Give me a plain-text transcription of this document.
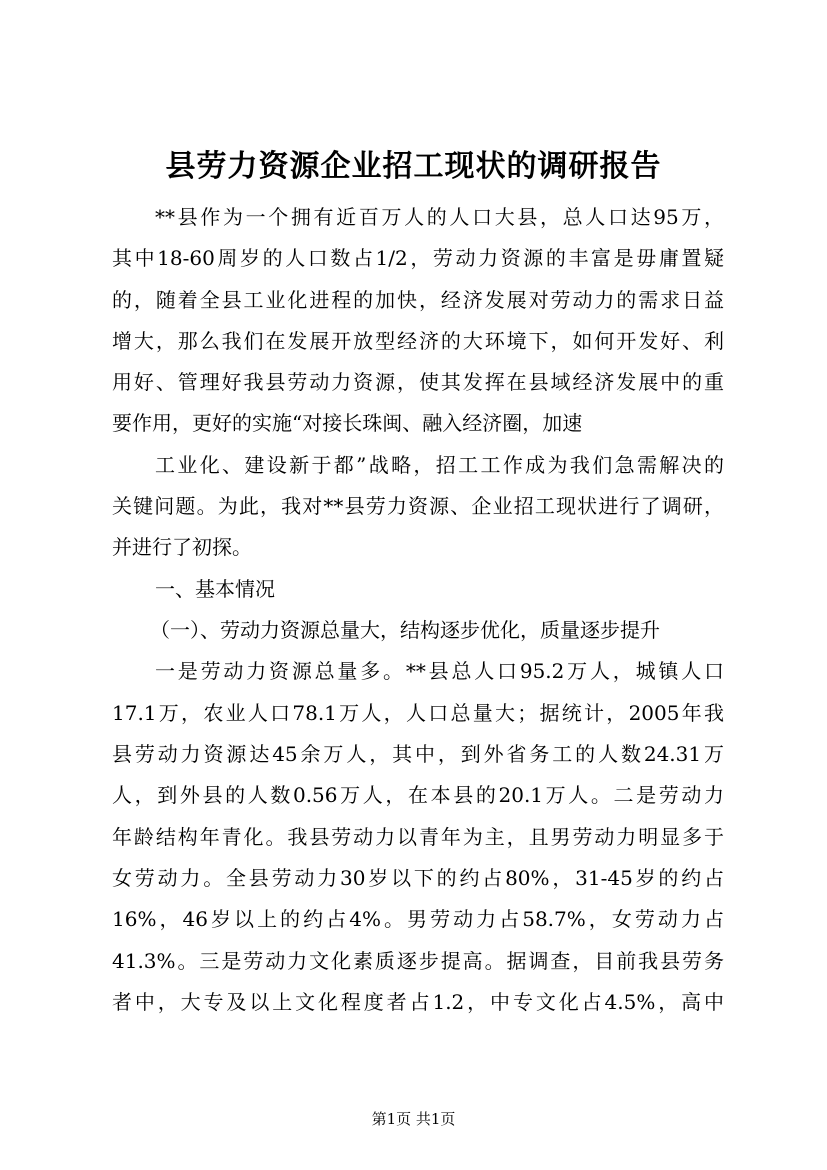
县劳力资源企业招工现状的调研报告
**县作为一个拥有近百万人的人口大县，总人口达95万，
其中18-60周岁的人口数占1/2，劳动力资源的丰富是毋庸置疑
的，随着全县工业化进程的加快，经济发展对劳动力的需求日益
增大，那么我们在发展开放型经济的大环境下，如何开发好、利
用好、管理好我县劳动力资源，使其发挥在县域经济发展中的重
要作用，更好的实施“对接长珠闽、融入经济圈，加速
工业化、建设新于都”战略，招工工作成为我们急需解决的
关键问题。为此，我对**县劳力资源、企业招工现状进行了调研，
并进行了初探。
一、基本情况
（一）、劳动力资源总量大，结构逐步优化，质量逐步提升
一是劳动力资源总量多。**县总人口95.2万人，城镇人口
17.1万，农业人口78.1万人，人口总量大；据统计，2005年我
县劳动力资源达45余万人，其中，到外省务工的人数24.31万
人，到外县的人数0.56万人，在本县的20.1万人。二是劳动力
年龄结构年青化。我县劳动力以青年为主，且男劳动力明显多于
女劳动力。全县劳动力30岁以下的约占80%，31-45岁的约占
16%，46岁以上的约占4%。男劳动力占58.7%，女劳动力占
41.3%。三是劳动力文化素质逐步提高。据调查，目前我县劳务
者中，大专及以上文化程度者占1.2，中专文化占4.5%，高中
第1页 共1页
